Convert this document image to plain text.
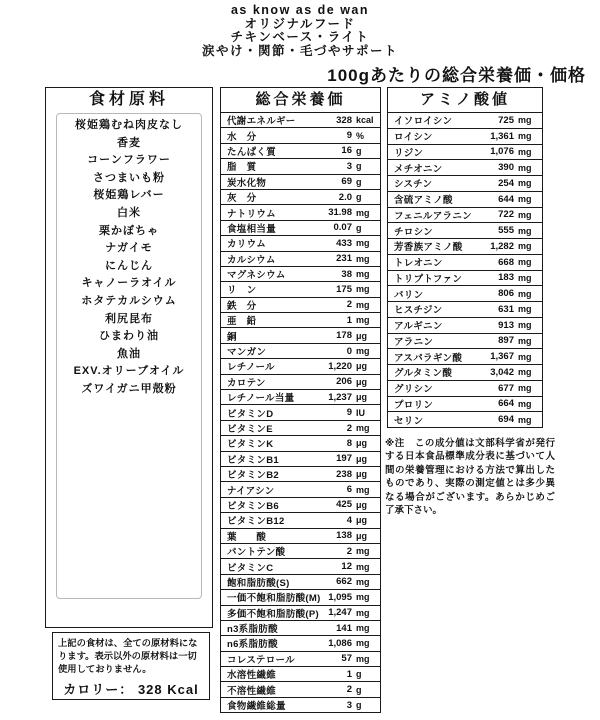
as know as de wan
オリジナルフード
チキンベース・ライト
涙やけ・関節・毛づやサポート
100gあたりの総合栄養価・価格
食材原料
桜姫鶏むね肉皮なし
香麦
コーンフラワー
さつまいも粉
桜姫鶏レバー
白米
栗かぼちゃ
ナガイモ
にんじん
キャノーラオイル
ホタテカルシウム
利尻昆布
ひまわり油
魚油
EXV.オリーブオイル
ズワイガニ甲殻粉
上記の食材は、全ての原材料になります。表示以外の原材料は一切使用しておりません。
カロリー： 328 Kcal
総合栄養価
代謝エネルギー	328 kcal
水　分	9 %
たんぱく質	16 g
脂　質	3 g
炭水化物	69 g
灰　分	2.0 g
ナトリウム	31.98 mg
食塩相当量	0.07 g
カリウム	433 mg
カルシウム	231 mg
マグネシウム	38 mg
リ　ン	175 mg
鉄　分	2 mg
亜　鉛	1 mg
銅	178 μg
マンガン	0 mg
レチノール	1,220 μg
カロテン	206 μg
レチノール当量	1,237 μg
ビタミンD	9 IU
ビタミンE	2 mg
ビタミンK	8 μg
ビタミンB1	197 μg
ビタミンB2	238 μg
ナイアシン	6 mg
ビタミンB6	425 μg
ビタミンB12	4 μg
葉　　酸	138 μg
パントテン酸	2 mg
ビタミンC	12 mg
飽和脂肪酸(S)	662 mg
一価不飽和脂肪酸(M) 1,095 mg
多価不飽和脂肪酸(P) 1,247 mg
n3系脂肪酸	141 mg
n6系脂肪酸	1,086 mg
コレステロール	57 mg
水溶性繊維	1 g
不溶性繊維	2 g
食物繊維総量	3 g
アミノ酸値
イソロイシン	725 mg
ロイシン	1,361 mg
リジン	1,076 mg
メチオニン	390 mg
シスチン	254 mg
含硫アミノ酸	644 mg
フェニルアラニン	722 mg
チロシン	555 mg
芳香族アミノ酸	1,282 mg
トレオニン	668 mg
トリプトファン	183 mg
バリン	806 mg
ヒスチジン	631 mg
アルギニン	913 mg
アラニン	897 mg
アスパラギン酸	1,367 mg
グルタミン酸	3,042 mg
グリシン	677 mg
プロリン	664 mg
セリン	694 mg
※注　この成分値は文部科学省が発行する日本食品標準成分表に基づいて人間の栄養管理における方法で算出したものであり、実際の測定値とは多少異なる場合がございます。あらかじめご了承下さい。
